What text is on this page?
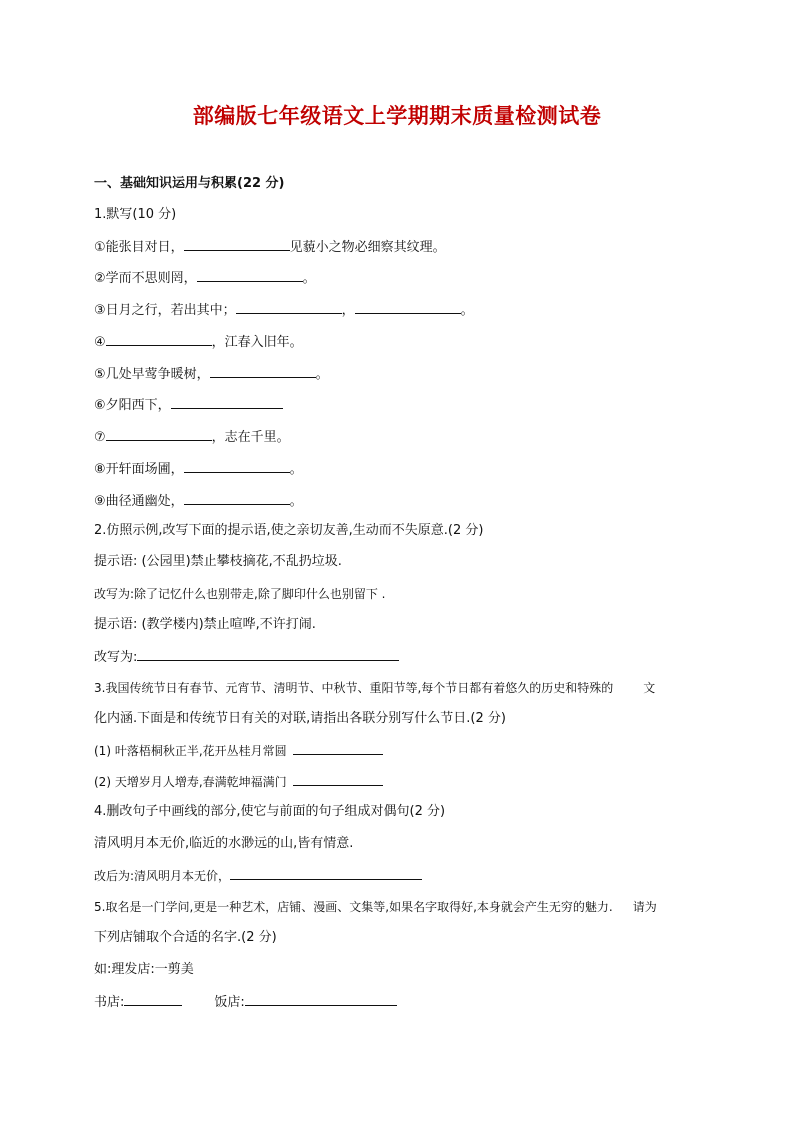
部编版七年级语文上学期期末质量检测试卷
一、基础知识运用与积累(22 分)
1.默写(10 分)
①能张目对日，	见藐小之物必细察其纹理。
②学而不思则罔，	。
③日月之行，若出其中；	，	。
④	，江春入旧年。
⑤几处早莺争暖树，	。
⑥夕阳西下，
⑦	，志在千里。
⑧开轩面场圃，	。
⑨曲径通幽处，	。
2.仿照示例,改写下面的提示语,使之亲切友善,生动而不失原意.(2 分)
提示语: (公园里)禁止攀枝摘花,不乱扔垃圾.
改写为:除了记忆什么也别带走,除了脚印什么也别留下 .
提示语: (教学楼内)禁止喧哗,不许打闹.
改写为:
3.我国传统节日有春节、元宵节、清明节、中秋节、重阳节等,每个节日都有着悠久的历史和特殊的	文
化内涵.下面是和传统节日有关的对联,请指出各联分别写什么节日.(2 分)
(1) 叶落梧桐秋正半,花开丛桂月常圆
(2) 天增岁月人增寿,春满乾坤福满门
4.删改句子中画线的部分,使它与前面的句子组成对偶句(2 分)
清风明月本无价,临近的水渺远的山,皆有情意.
改后为:清风明月本无价，
5.取名是一门学问,更是一种艺术，店铺、漫画、文集等,如果名字取得好,本身就会产生无穷的魅力. 请为
下列店铺取个合适的名字.(2 分)
如:理发店:一剪美
书店:	饭店:
